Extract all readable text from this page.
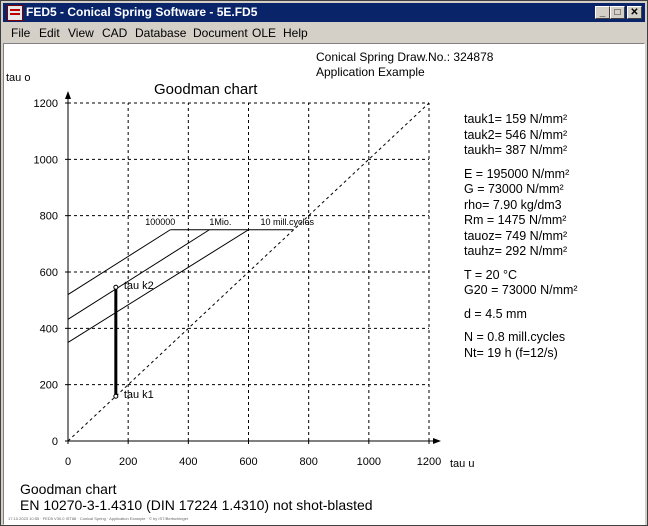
FED5 - Conical Spring Software - 5E.FD5	_ □ ✕
File Edit View CAD Database Document OLE Help
Conical Spring Draw.No.: 324878
Application Example
0	200	400	600	800	1000	1200
0
200
400
600
800
1000
1200
100000	1Mio.	10 mill.cycles
tau k2
tau k1
Goodman chart
tau o
tau u
tauk1= 159 N/mm²
tauk2= 546 N/mm²
taukh= 387 N/mm²
E = 195000 N/mm²
G = 73000 N/mm²
rho= 7.90 kg/dm3
Rm = 1475 N/mm²
tauoz= 749 N/mm²
tauhz= 292 N/mm²
T = 20 °C
G20 = 73000 N/mm²
d = 4.5 mm
N = 0.8 mill.cycles
Nt= 19 h (f=12/s)
Goodman chart
EN 10270-3-1.4310 (DIN 17224 1.4310) not shot-blasted
17.10.2023 10:55 · FED5 V30.0 IST88 · Conical Spring · Application Example · © by IST/Bertschinger
